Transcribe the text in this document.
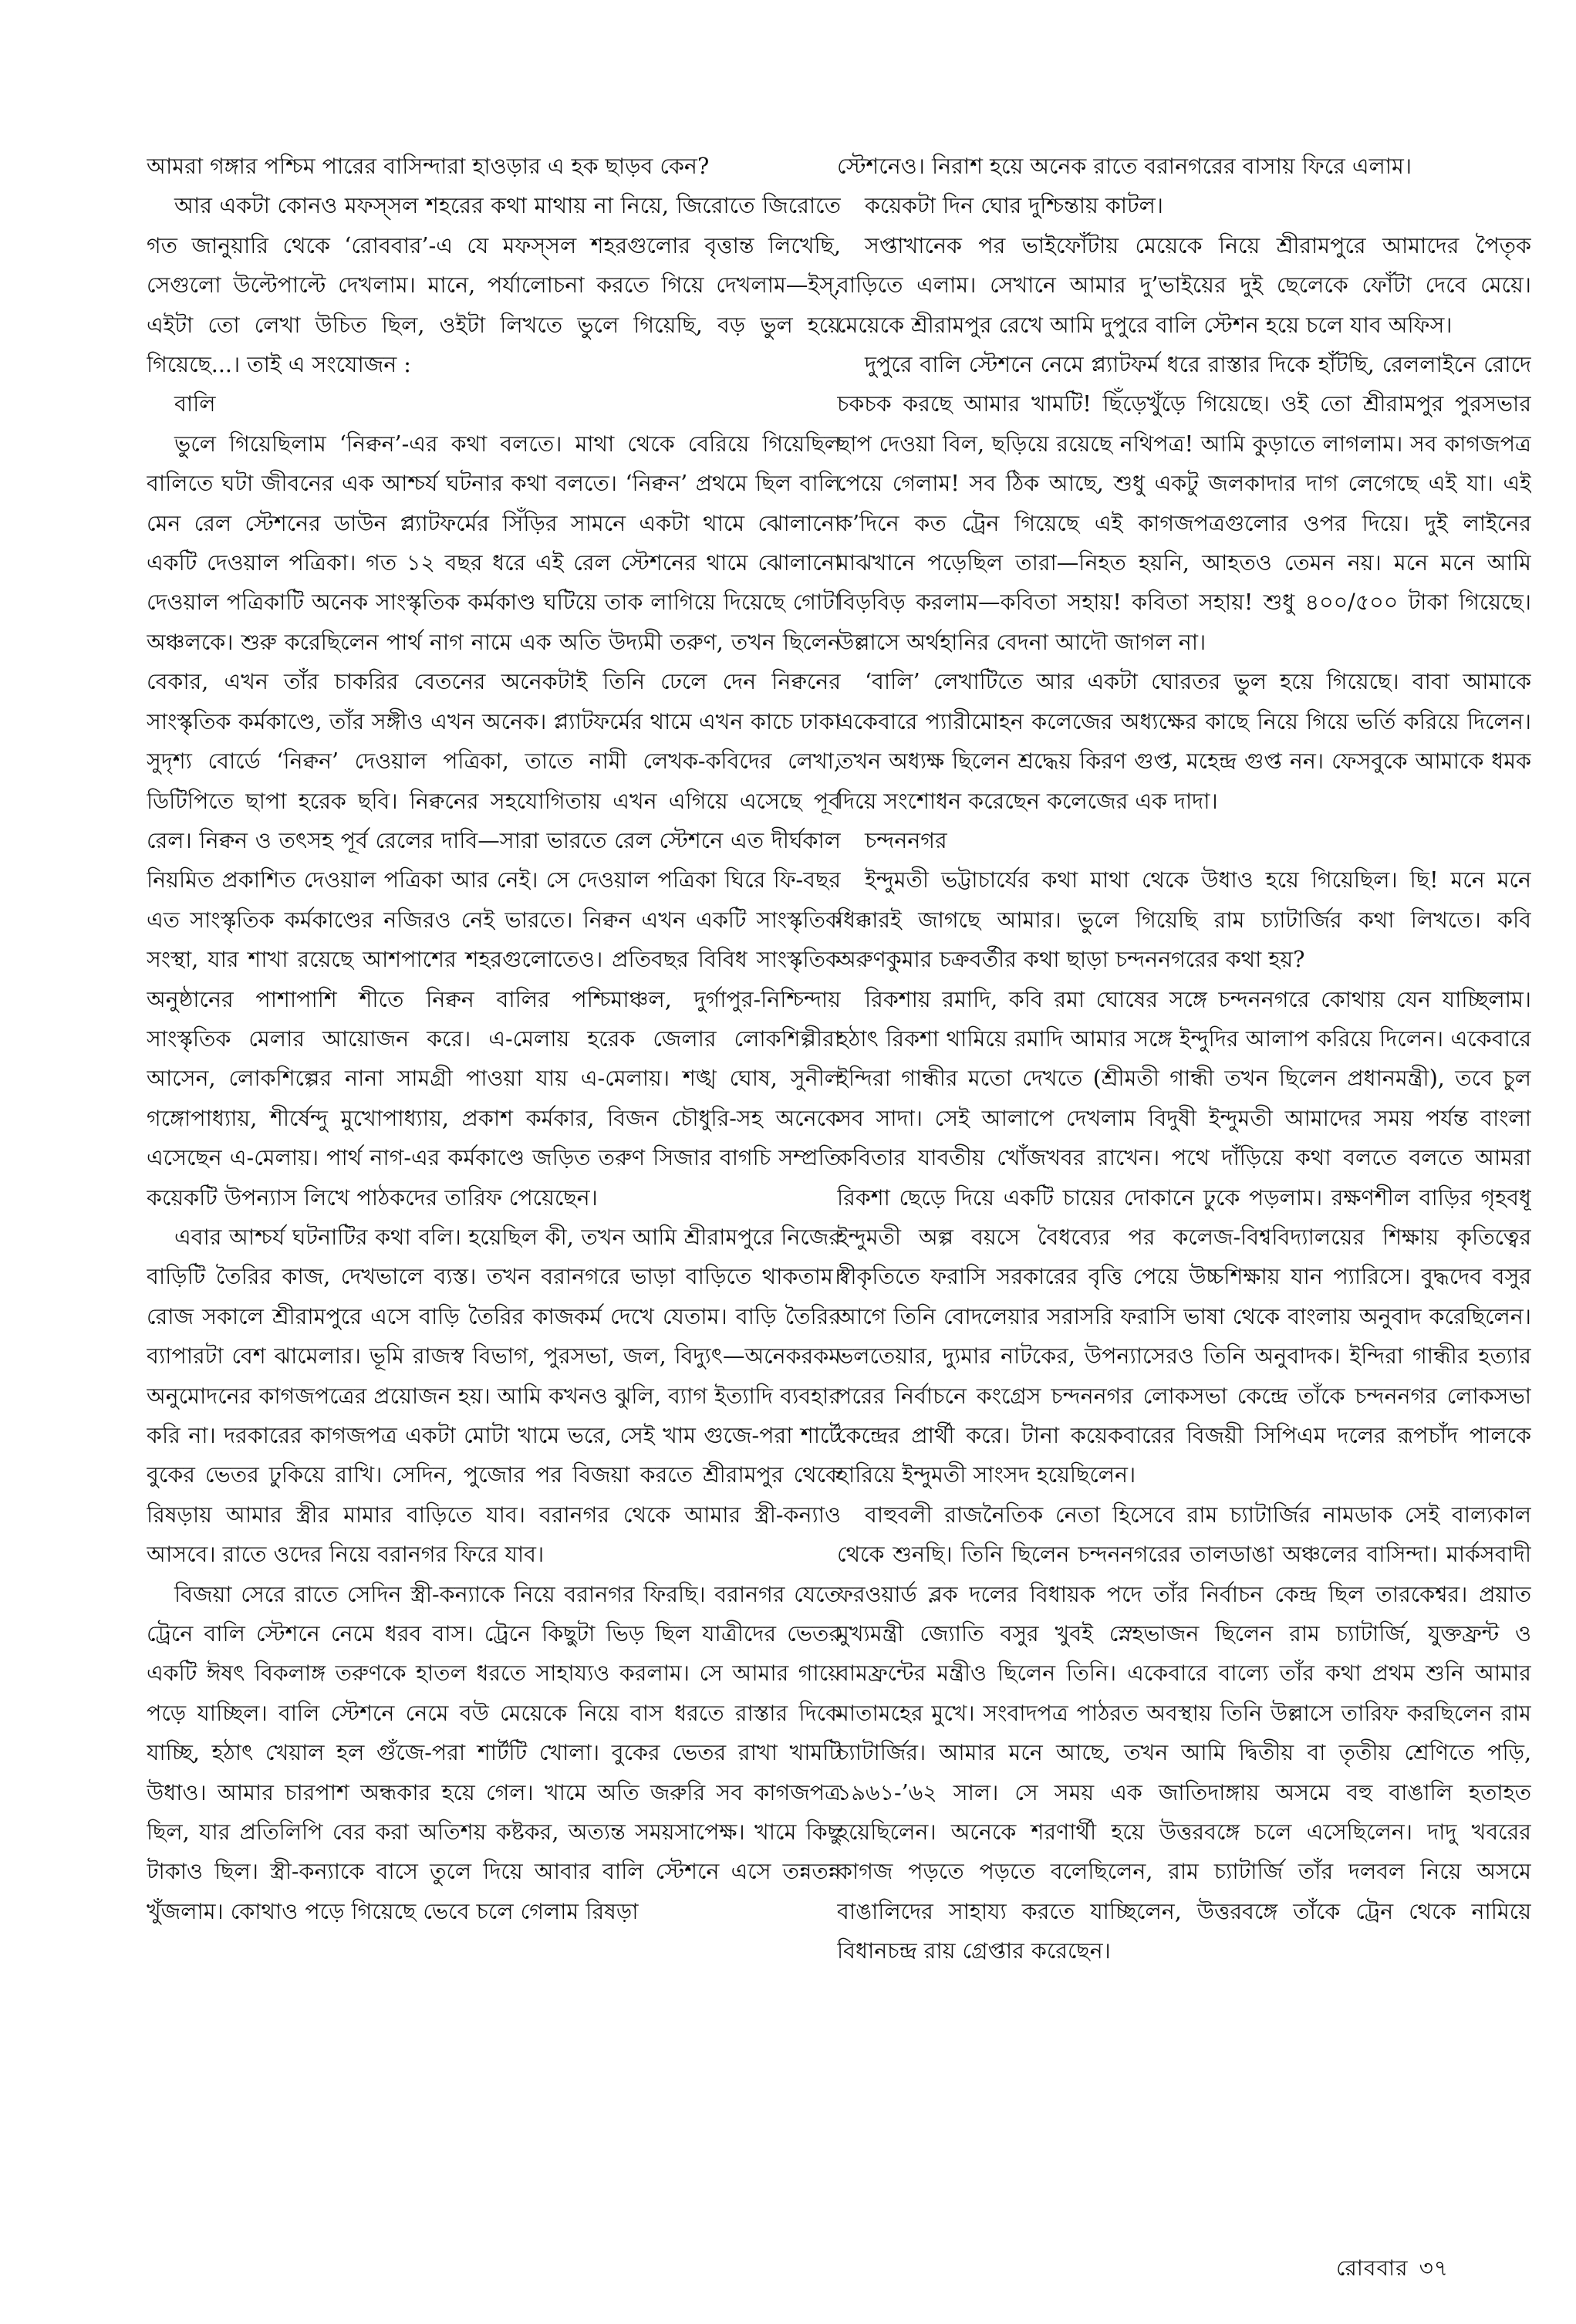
আমরা গঙ্গার পশ্চিম পারের বাসিন্দারা হাওড়ার এ হক ছাড়ব কেন?

আর একটা কোনও মফস্সল শহরের কথা মাথায় না নিয়ে, জিরোতে জিরোতে গত জানুয়ারি থেকে ‘রোববার’-এ যে মফস্সল শহরগুলোর বৃত্তান্ত লিখেছি, সেগুলো উল্টেপাল্টে দেখলাম। মানে, পর্যালোচনা করতে গিয়ে দেখলাম—ইস্‌, এইটা তো লেখা উচিত ছিল, ওইটা লিখতে ভুলে গিয়েছি, বড় ভুল হয়ে গিয়েছে...। তাই এ সংযোজন :

বালি

ভুলে গিয়েছিলাম ‘নিক্বন’-এর কথা বলতে। মাথা থেকে বেরিয়ে গিয়েছিল বালিতে ঘটা জীবনের এক আশ্চর্য ঘটনার কথা বলতে। ‘নিক্বন’ প্রথমে ছিল বালি মেন রেল স্টেশনের ডাউন প্ল্যাটফর্মের সিঁড়ির সামনে একটা থামে ঝোলানো একটি দেওয়াল পত্রিকা। গত ১২ বছর ধরে এই রেল স্টেশনের থামে ঝোলানো দেওয়াল পত্রিকাটি অনেক সাংস্কৃতিক কর্মকাণ্ড ঘটিয়ে তাক লাগিয়ে দিয়েছে গোটা অঞ্চলকে। শুরু করেছিলেন পার্থ নাগ নামে এক অতি উদ্যমী তরুণ, তখন ছিলেন বেকার, এখন তাঁর চাকরির বেতনের অনেকটাই তিনি ঢেলে দেন নিক্বনের সাংস্কৃতিক কর্মকাণ্ডে, তাঁর সঙ্গীও এখন অনেক। প্ল্যাটফর্মের থামে এখন কাচে ঢাকা সুদৃশ্য বোর্ডে ‘নিক্বন’ দেওয়াল পত্রিকা, তাতে নামী লেখক-কবিদের লেখা, ডিটিপিতে ছাপা হরেক ছবি। নিক্বনের সহযোগিতায় এখন এগিয়ে এসেছে পূর্ব রেল। নিক্বন ও তৎসহ পূর্ব রেলের দাবি—সারা ভারতে রেল স্টেশনে এত দীর্ঘকাল নিয়মিত প্রকাশিত দেওয়াল পত্রিকা আর নেই। সে দেওয়াল পত্রিকা ঘিরে ফি-বছর এত সাংস্কৃতিক কর্মকাণ্ডের নজিরও নেই ভারতে। নিক্বন এখন একটি সাংস্কৃতিক সংস্থা, যার শাখা রয়েছে আশপাশের শহরগুলোতেও। প্রতিবছর বিবিধ সাংস্কৃতিক অনুষ্ঠানের পাশাপাশি শীতে নিক্বন বালির পশ্চিমাঞ্চল, দুর্গাপুর-নিশ্চিন্দায় সাংস্কৃতিক মেলার আয়োজন করে। এ-মেলায় হরেক জেলার লোকশিল্পীরা আসেন, লোকশিল্পের নানা সামগ্রী পাওয়া যায় এ-মেলায়। শঙ্খ ঘোষ, সুনীল গঙ্গোপাধ্যায়, শীর্ষেন্দু মুখোপাধ্যায়, প্রকাশ কর্মকার, বিজন চৌধুরি-সহ অনেকে এসেছেন এ-মেলায়। পার্থ নাগ-এর কর্মকাণ্ডে জড়িত তরুণ সিজার বাগচি সম্প্রতি কয়েকটি উপন্যাস লিখে পাঠকদের তারিফ পেয়েছেন।

এবার আশ্চর্য ঘটনাটির কথা বলি। হয়েছিল কী, তখন আমি শ্রীরামপুরে নিজের বাড়িটি তৈরির কাজ, দেখভালে ব্যস্ত। তখন বরানগরে ভাড়া বাড়িতে থাকতাম। রোজ সকালে শ্রীরামপুরে এসে বাড়ি তৈরির কাজকর্ম দেখে যেতাম। বাড়ি তৈরির ব্যাপারটা বেশ ঝামেলার। ভূমি রাজস্ব বিভাগ, পুরসভা, জল, বিদ্যুৎ—অনেকরকম অনুমোদনের কাগজপত্রের প্রয়োজন হয়। আমি কখনও ঝুলি, ব্যাগ ইত্যাদি ব্যবহার করি না। দরকারের কাগজপত্র একটা মোটা খামে ভরে, সেই খাম গুজে-পরা শার্টে বুকের ভেতর ঢুকিয়ে রাখি। সেদিন, পুজোর পর বিজয়া করতে শ্রীরামপুর থেকে রিষড়ায় আমার স্ত্রীর মামার বাড়িতে যাব। বরানগর থেকে আমার স্ত্রী-কন্যাও আসবে। রাতে ওদের নিয়ে বরানগর ফিরে যাব।

বিজয়া সেরে রাতে সেদিন স্ত্রী-কন্যাকে নিয়ে বরানগর ফিরছি। বরানগর যেতে ট্রেনে বালি স্টেশনে নেমে ধরব বাস। ট্রেনে কিছুটা ভিড় ছিল যাত্রীদের ভেতর একটি ঈষৎ বিকলাঙ্গ তরুণকে হাতল ধরতে সাহায্যও করলাম। সে আমার গায়ে পড়ে যাচ্ছিল। বালি স্টেশনে নেমে বউ মেয়েকে নিয়ে বাস ধরতে রাস্তার দিকে যাচ্ছি, হঠাৎ খেয়াল হল গুঁজে-পরা শার্টটি খোলা। বুকের ভেতর রাখা খামটি উধাও। আমার চারপাশ অন্ধকার হয়ে গেল। খামে অতি জরুরি সব কাগজপত্র ছিল, যার প্রতিলিপি বের করা অতিশয় কষ্টকর, অত্যন্ত সময়সাপেক্ষ। খামে কিছু টাকাও ছিল। স্ত্রী-কন্যাকে বাসে তুলে দিয়ে আবার বালি স্টেশনে এসে তন্নতন্ন খুঁজলাম। কোথাও পড়ে গিয়েছে ভেবে চলে গেলাম রিষড়া

স্টেশনেও। নিরাশ হয়ে অনেক রাতে বরানগরের বাসায় ফিরে এলাম।

কয়েকটা দিন ঘোর দুশ্চিন্তায় কাটল।

সপ্তাখানেক পর ভাইফোঁটায় মেয়েকে নিয়ে শ্রীরামপুরে আমাদের পৈতৃক বাড়িতে এলাম। সেখানে আমার দু’ভাইয়ের দুই ছেলেকে ফোঁটা দেবে মেয়ে। মেয়েকে শ্রীরামপুর রেখে আমি দুপুরে বালি স্টেশন হয়ে চলে যাব অফিস।

দুপুরে বালি স্টেশনে নেমে প্ল্যাটফর্ম ধরে রাস্তার দিকে হাঁটছি, রেললাইনে রোদে চকচক করছে আমার খামটি! ছিঁড়েখুঁড়ে গিয়েছে। ওই তো শ্রীরামপুর পুরসভার ছাপ দেওয়া বিল, ছড়িয়ে রয়েছে নথিপত্র! আমি কুড়াতে লাগলাম। সব কাগজপত্র পেয়ে গেলাম! সব ঠিক আছে, শুধু একটু জলকাদার দাগ লেগেছে এই যা। এই ক’দিনে কত ট্রেন গিয়েছে এই কাগজপত্রগুলোর ওপর দিয়ে। দুই লাইনের মাঝখানে পড়েছিল তারা—নিহত হয়নি, আহতও তেমন নয়। মনে মনে আমি বিড়বিড় করলাম—কবিতা সহায়! কবিতা সহায়! শুধু ৪০০/৫০০ টাকা গিয়েছে। উল্লাসে অর্থহানির বেদনা আদৌ জাগল না।

‘বালি’ লেখাটিতে আর একটা ঘোরতর ভুল হয়ে গিয়েছে। বাবা আমাকে একেবারে প্যারীমোহন কলেজের অধ্যক্ষের কাছে নিয়ে গিয়ে ভর্তি করিয়ে দিলেন। তখন অধ্যক্ষ ছিলেন শ্রদ্ধেয় কিরণ গুপ্ত, মহেন্দ্র গুপ্ত নন। ফেসবুকে আমাকে ধমক দিয়ে সংশোধন করেছেন কলেজের এক দাদা।

চন্দননগর

ইন্দুমতী ভট্টাচার্যের কথা মাথা থেকে উধাও হয়ে গিয়েছিল। ছি! মনে মনে ধিক্কারই জাগছে আমার। ভুলে গিয়েছি রাম চ্যাটার্জির কথা লিখতে। কবি অরুণকুমার চক্রবর্তীর কথা ছাড়া চন্দননগরের কথা হয়?

রিকশায় রমাদি, কবি রমা ঘোষের সঙ্গে চন্দননগরে কোথায় যেন যাচ্ছিলাম। হঠাৎ রিকশা থামিয়ে রমাদি আমার সঙ্গে ইন্দুদির আলাপ করিয়ে দিলেন। একেবারে ইন্দিরা গান্ধীর মতো দেখতে (শ্রীমতী গান্ধী তখন ছিলেন প্রধানমন্ত্রী), তবে চুল সব সাদা। সেই আলাপে দেখলাম বিদুষী ইন্দুমতী আমাদের সময় পর্যন্ত বাংলা কবিতার যাবতীয় খোঁজখবর রাখেন। পথে দাঁড়িয়ে কথা বলতে বলতে আমরা রিকশা ছেড়ে দিয়ে একটি চায়ের দোকানে ঢুকে পড়লাম। রক্ষণশীল বাড়ির গৃহবধূ ইন্দুমতী অল্প বয়সে বৈধব্যের পর কলেজ-বিশ্ববিদ্যালয়ের শিক্ষায় কৃতিত্বের স্বীকৃতিতে ফরাসি সরকারের বৃত্তি পেয়ে উচ্চশিক্ষায় যান প্যারিসে। বুদ্ধদেব বসুর আগে তিনি বোদলেয়ার সরাসরি ফরাসি ভাষা থেকে বাংলায় অনুবাদ করেছিলেন। ভলতেয়ার, দ্যুমার নাটকের, উপন্যাসেরও তিনি অনুবাদক। ইন্দিরা গান্ধীর হত্যার পরের নির্বাচনে কংগ্রেস চন্দননগর লোকসভা কেন্দ্রে তাঁকে চন্দননগর লোকসভা কেন্দ্রের প্রার্থী করে। টানা কয়েকবারের বিজয়ী সিপিএম দলের রূপচাঁদ পালকে হারিয়ে ইন্দুমতী সাংসদ হয়েছিলেন।

বাহুবলী রাজনৈতিক নেতা হিসেবে রাম চ্যাটার্জির নামডাক সেই বাল্যকাল থেকে শুনছি। তিনি ছিলেন চন্দননগরের তালডাঙা অঞ্চলের বাসিন্দা। মার্কসবাদী ফরওয়ার্ড ব্লক দলের বিধায়ক পদে তাঁর নির্বাচন কেন্দ্র ছিল তারকেশ্বর। প্রয়াত মুখ্যমন্ত্রী জ্যোতি বসুর খুবই স্নেহভাজন ছিলেন রাম চ্যাটার্জি, যুক্তফ্রন্ট ও বামফ্রন্টের মন্ত্রীও ছিলেন তিনি। একেবারে বাল্যে তাঁর কথা প্রথম শুনি আমার মাতামহের মুখে। সংবাদপত্র পাঠরত অবস্থায় তিনি উল্লাসে তারিফ করছিলেন রাম চ্যাটার্জির। আমার মনে আছে, তখন আমি দ্বিতীয় বা তৃতীয় শ্রেণিতে পড়ি, ১৯৬১-’৬২ সাল। সে সময় এক জাতিদাঙ্গায় অসমে বহু বাঙালি হতাহত হয়েছিলেন। অনেকে শরণার্থী হয়ে উত্তরবঙ্গে চলে এসেছিলেন। দাদু খবরের কাগজ পড়তে পড়তে বলেছিলেন, রাম চ্যাটার্জি তাঁর দলবল নিয়ে অসমে বাঙালিদের সাহায্য করতে যাচ্ছিলেন, উত্তরবঙ্গে তাঁকে ট্রেন থেকে নামিয়ে বিধানচন্দ্র রায় গ্রেপ্তার করেছেন।

রোববার ৩৭
